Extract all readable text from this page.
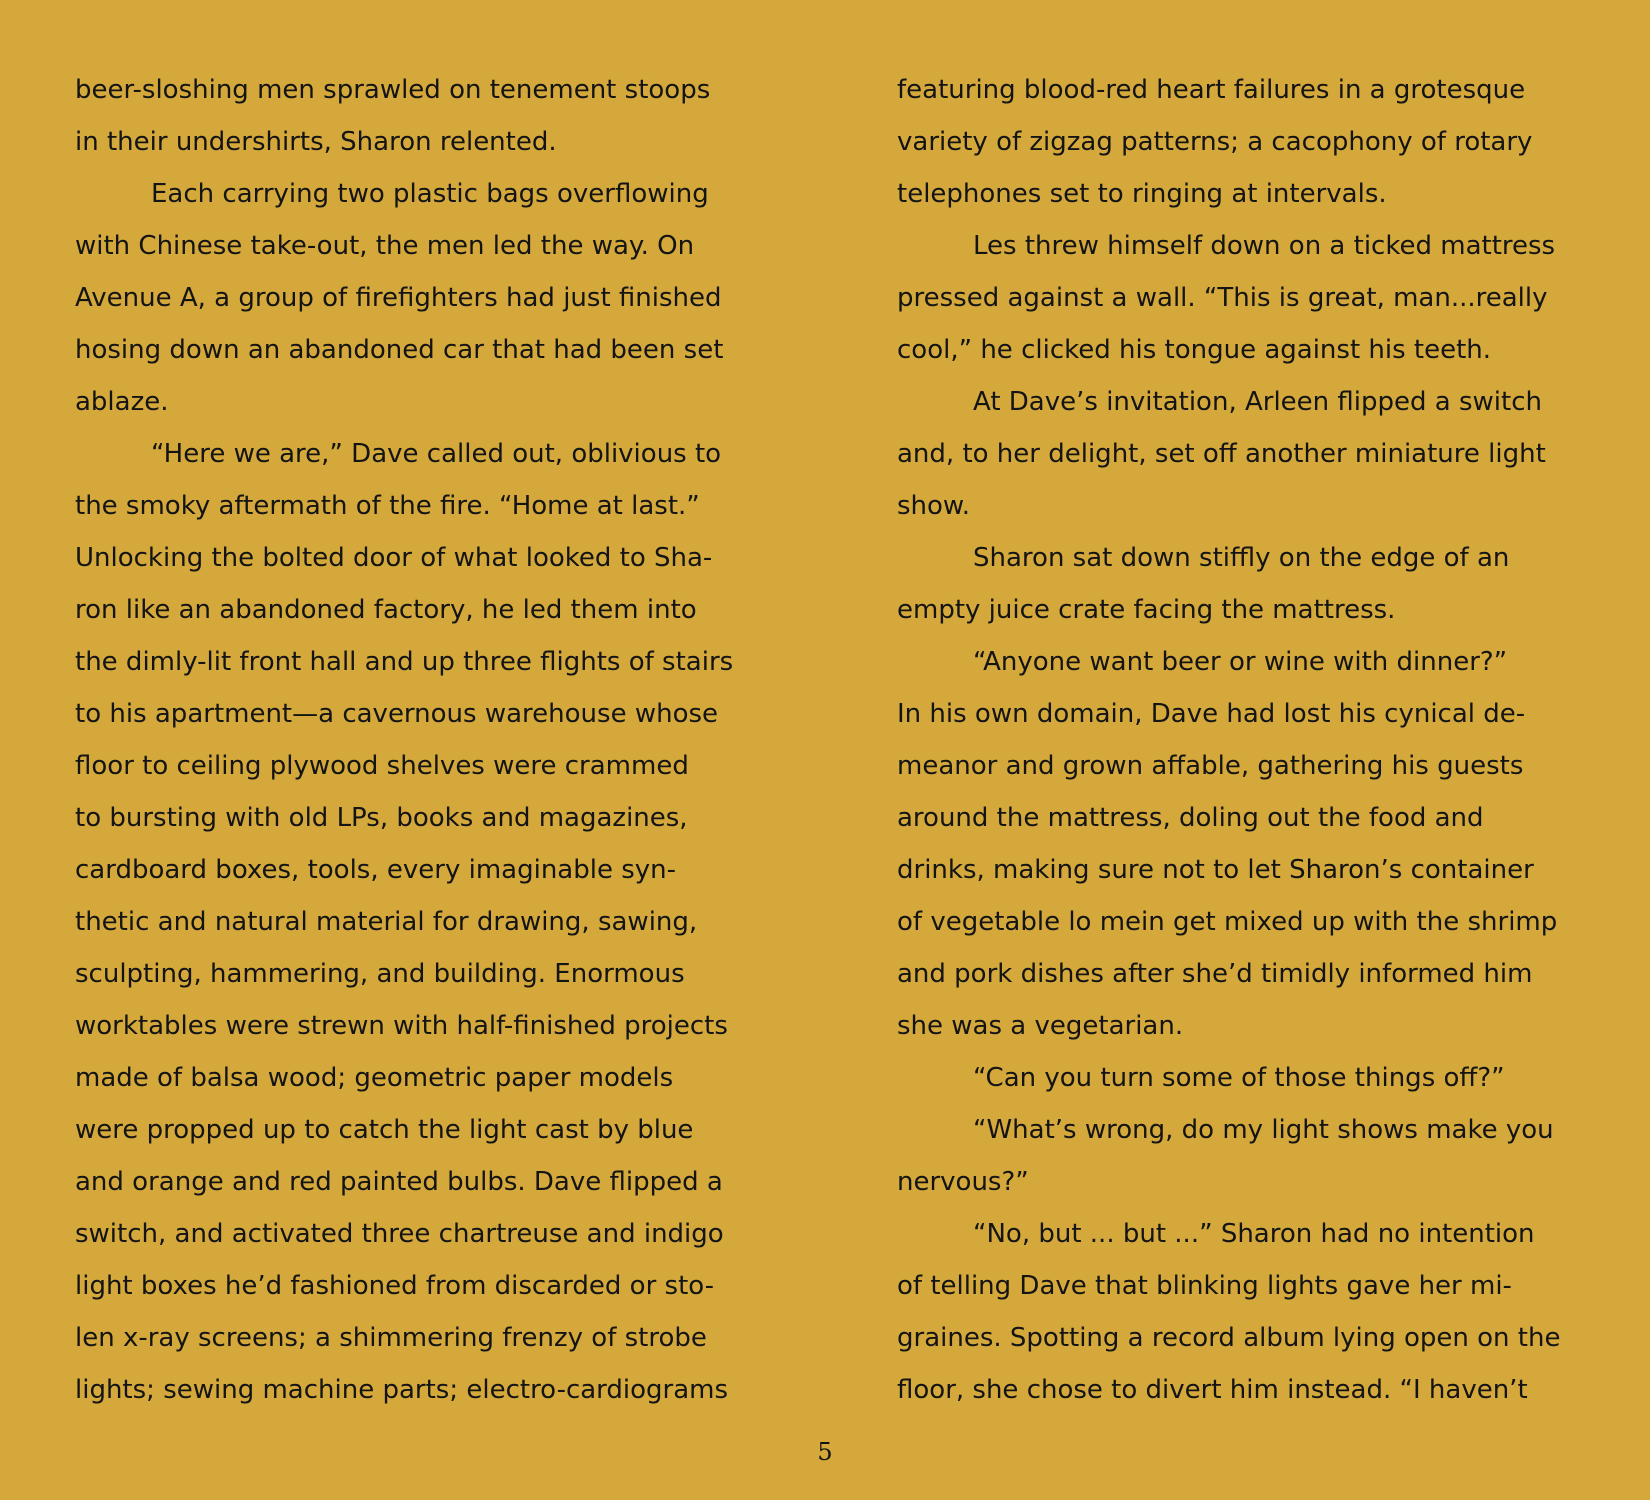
beer-sloshing men sprawled on tenement stoops
in their undershirts, Sharon relented.
Each carrying two plastic bags overflowing
with Chinese take-out, the men led the way. On
Avenue A, a group of firefighters had just finished
hosing down an abandoned car that had been set
ablaze.
“Here we are,” Dave called out, oblivious to
the smoky aftermath of the fire. “Home at last.”
Unlocking the bolted door of what looked to Sha-
ron like an abandoned factory, he led them into
the dimly-lit front hall and up three flights of stairs
to his apartment—a cavernous warehouse whose
floor to ceiling plywood shelves were crammed
to bursting with old LPs, books and magazines,
cardboard boxes, tools, every imaginable syn-
thetic and natural material for drawing, sawing,
sculpting, hammering, and building. Enormous
worktables were strewn with half-finished projects
made of balsa wood; geometric paper models
were propped up to catch the light cast by blue
and orange and red painted bulbs. Dave flipped a
switch, and activated three chartreuse and indigo
light boxes he’d fashioned from discarded or sto-
len x-ray screens; a shimmering frenzy of strobe
lights; sewing machine parts; electro-cardiograms
featuring blood-red heart failures in a grotesque
variety of zigzag patterns; a cacophony of rotary
telephones set to ringing at intervals.
Les threw himself down on a ticked mattress
pressed against a wall. “This is great, man...really
cool,” he clicked his tongue against his teeth.
At Dave’s invitation, Arleen flipped a switch
and, to her delight, set off another miniature light
show.
Sharon sat down stiffly on the edge of an
empty juice crate facing the mattress.
“Anyone want beer or wine with dinner?”
In his own domain, Dave had lost his cynical de-
meanor and grown affable, gathering his guests
around the mattress, doling out the food and
drinks, making sure not to let Sharon’s container
of vegetable lo mein get mixed up with the shrimp
and pork dishes after she’d timidly informed him
she was a vegetarian.
“Can you turn some of those things off?”
“What’s wrong, do my light shows make you
nervous?”
“No, but ... but ...” Sharon had no intention
of telling Dave that blinking lights gave her mi-
graines. Spotting a record album lying open on the
floor, she chose to divert him instead. “I haven’t
5
